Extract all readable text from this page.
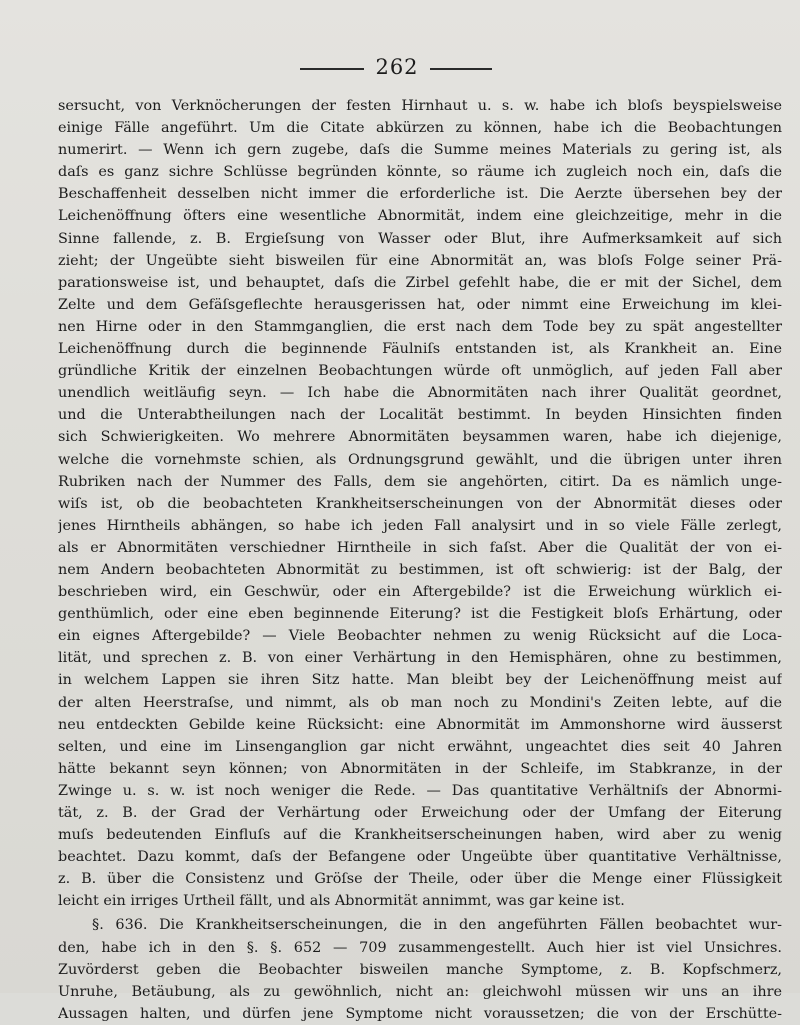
262
sersucht, von Verknöcherungen der festen Hirnhaut u. s. w. habe ich bloſs beyspielsweise
einige Fälle angeführt. Um die Citate abkürzen zu können, habe ich die Beobachtungen
numerirt. — Wenn ich gern zugebe, daſs die Summe meines Materials zu gering ist, als
daſs es ganz sichre Schlüsse begründen könnte, so räume ich zugleich noch ein, daſs die
Beschaffenheit desselben nicht immer die erforderliche ist. Die Aerzte übersehen bey der
Leichenöffnung öfters eine wesentliche Abnormität, indem eine gleichzeitige, mehr in die
Sinne fallende, z. B. Ergieſsung von Wasser oder Blut, ihre Aufmerksamkeit auf sich
zieht; der Ungeübte sieht bisweilen für eine Abnormität an, was bloſs Folge seiner Prä-
parationsweise ist, und behauptet, daſs die Zirbel gefehlt habe, die er mit der Sichel, dem
Zelte und dem Gefäſsgeflechte herausgerissen hat, oder nimmt eine Erweichung im klei-
nen Hirne oder in den Stammganglien, die erst nach dem Tode bey zu spät angestellter
Leichenöffnung durch die beginnende Fäulniſs entstanden ist, als Krankheit an. Eine
gründliche Kritik der einzelnen Beobachtungen würde oft unmöglich, auf jeden Fall aber
unendlich weitläufig seyn. — Ich habe die Abnormitäten nach ihrer Qualität geordnet,
und die Unterabtheilungen nach der Localität bestimmt. In beyden Hinsichten finden
sich Schwierigkeiten. Wo mehrere Abnormitäten beysammen waren, habe ich diejenige,
welche die vornehmste schien, als Ordnungsgrund gewählt, und die übrigen unter ihren
Rubriken nach der Nummer des Falls, dem sie angehörten, citirt. Da es nämlich unge-
wiſs ist, ob die beobachteten Krankheitserscheinungen von der Abnormität dieses oder
jenes Hirntheils abhängen, so habe ich jeden Fall analysirt und in so viele Fälle zerlegt,
als er Abnormitäten verschiedner Hirntheile in sich faſst. Aber die Qualität der von ei-
nem Andern beobachteten Abnormität zu bestimmen, ist oft schwierig: ist der Balg, der
beschrieben wird, ein Geschwür, oder ein Aftergebilde? ist die Erweichung würklich ei-
genthümlich, oder eine eben beginnende Eiterung? ist die Festigkeit bloſs Erhärtung, oder
ein eignes Aftergebilde? — Viele Beobachter nehmen zu wenig Rücksicht auf die Loca-
lität, und sprechen z. B. von einer Verhärtung in den Hemisphären, ohne zu bestimmen,
in welchem Lappen sie ihren Sitz hatte. Man bleibt bey der Leichenöffnung meist auf
der alten Heerstraſse, und nimmt, als ob man noch zu Mondini's Zeiten lebte, auf die
neu entdeckten Gebilde keine Rücksicht: eine Abnormität im Ammonshorne wird äusserst
selten, und eine im Linsenganglion gar nicht erwähnt, ungeachtet dies seit 40 Jahren
hätte bekannt seyn können; von Abnormitäten in der Schleife, im Stabkranze, in der
Zwinge u. s. w. ist noch weniger die Rede. — Das quantitative Verhältniſs der Abnormi-
tät, z. B. der Grad der Verhärtung oder Erweichung oder der Umfang der Eiterung
muſs bedeutenden Einfluſs auf die Krankheitserscheinungen haben, wird aber zu wenig
beachtet. Dazu kommt, daſs der Befangene oder Ungeübte über quantitative Verhältnisse,
z. B. über die Consistenz und Gröſse der Theile, oder über die Menge einer Flüssigkeit
leicht ein irriges Urtheil fällt, und als Abnormität annimmt, was gar keine ist.
§. 636. Die Krankheitserscheinungen, die in den angeführten Fällen beobachtet wur-
den, habe ich in den §. §. 652 — 709 zusammengestellt. Auch hier ist viel Unsichres.
Zuvörderst geben die Beobachter bisweilen manche Symptome, z. B. Kopfschmerz,
Unruhe, Betäubung, als zu gewöhnlich, nicht an: gleichwohl müssen wir uns an ihre
Aussagen halten, und dürfen jene Symptome nicht voraussetzen; die von der Erschütte-
